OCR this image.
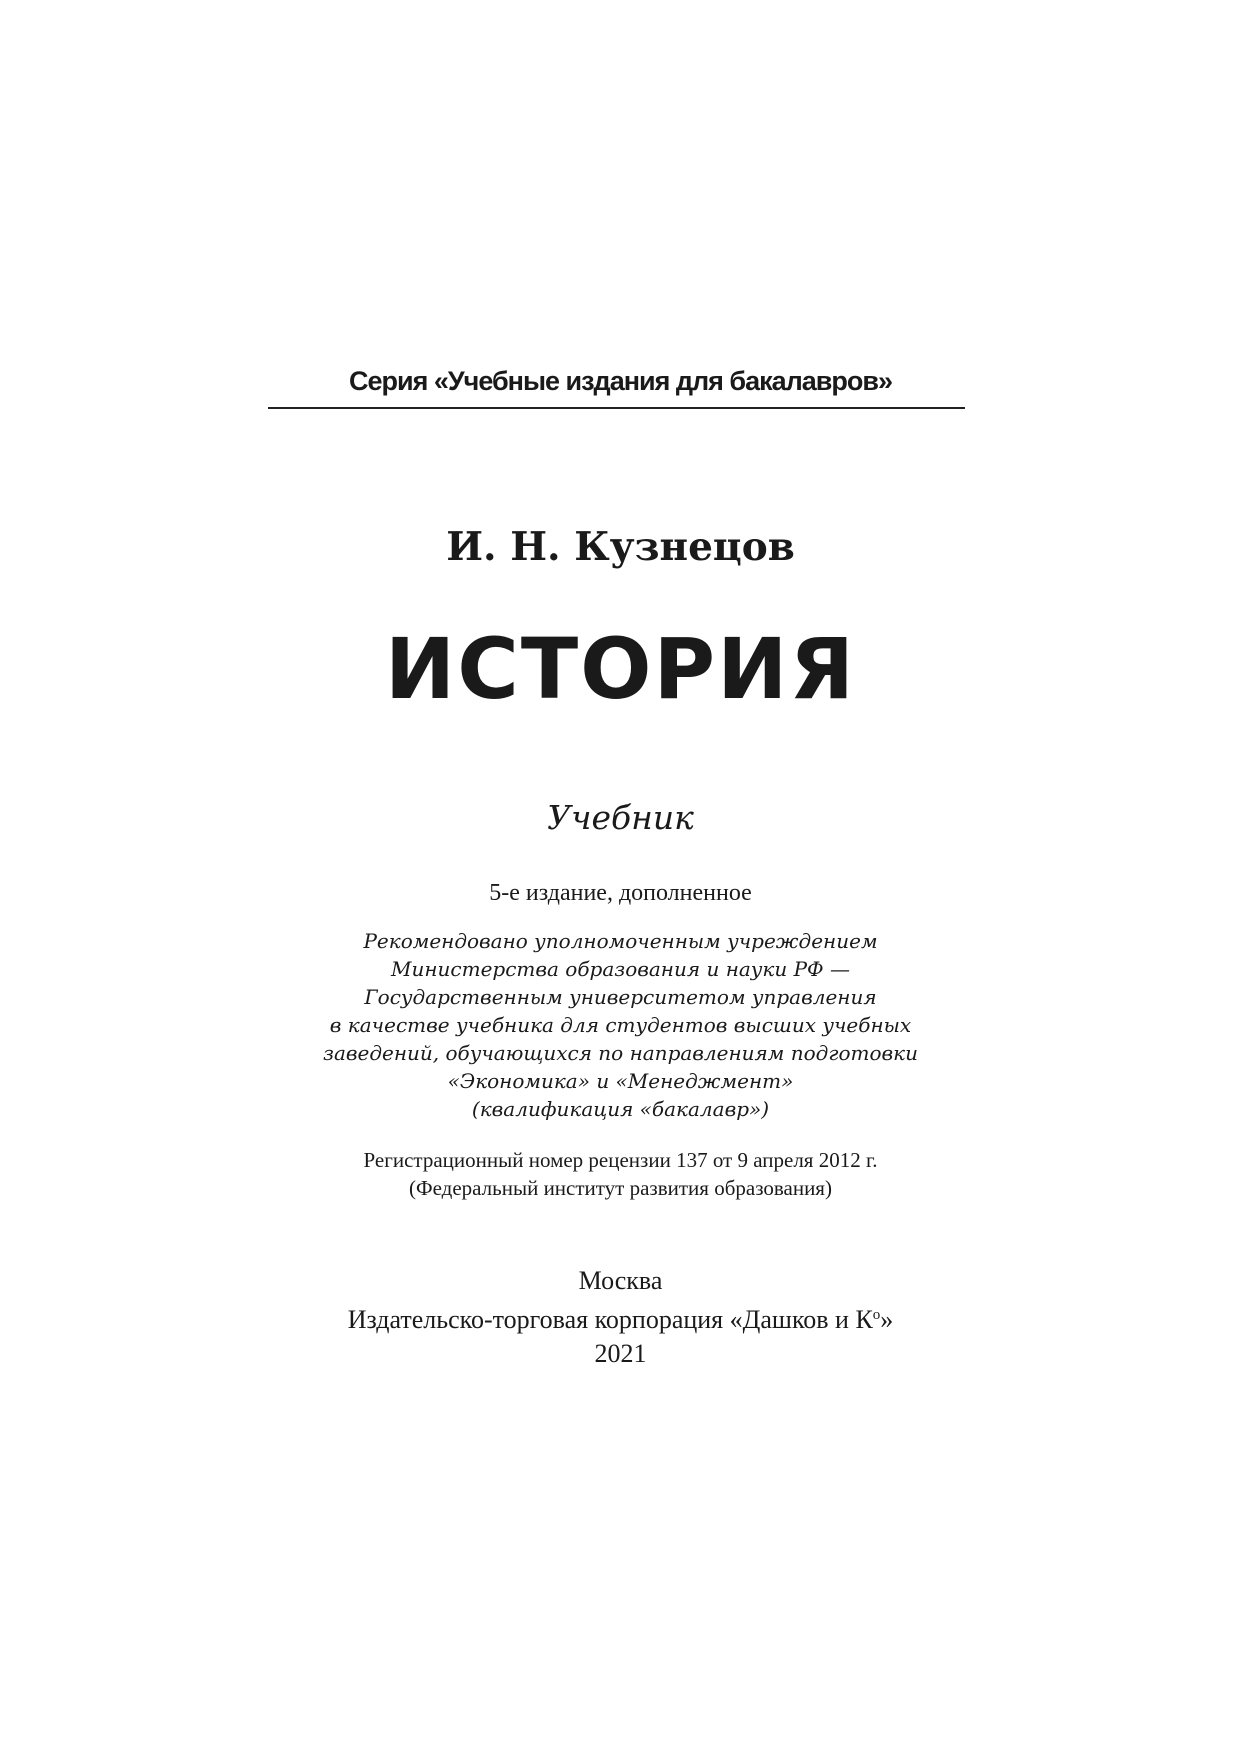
Серия «Учебные издания для бакалавров»
И. Н. Кузнецов
ИСТОРИЯ
Учебник
5-е издание, дополненное
Рекомендовано уполномоченным учреждением
Министерства образования и науки РФ —
Государственным университетом управления
в качестве учебника для студентов высших учебных
заведений, обучающихся по направлениям подготовки
«Экономика» и «Менеджмент»
(квалификация «бакалавр»)
Регистрационный номер рецензии 137 от 9 апреля 2012 г.
(Федеральный институт развития образования)
Москва
Издательско-торговая корпорация «Дашков и $К^о$»
2021
